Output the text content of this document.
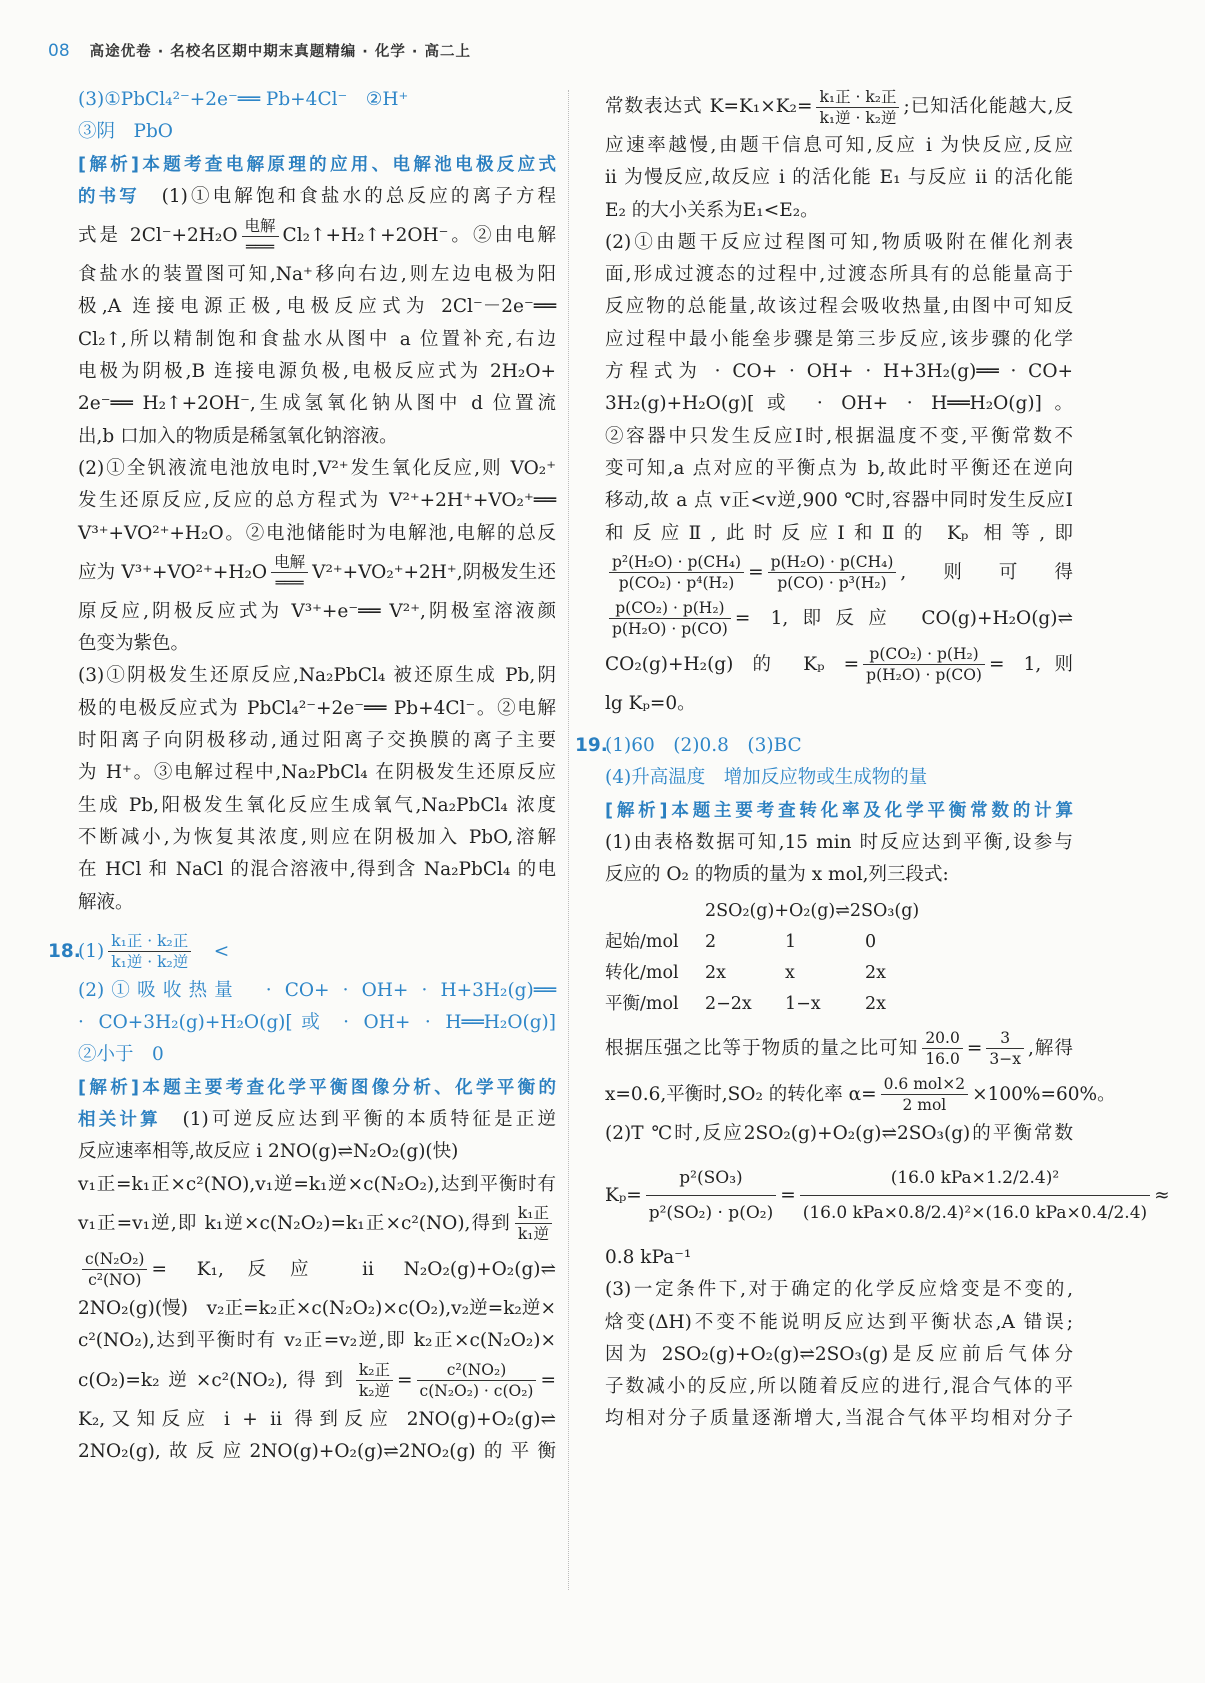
08 高途优卷 · 名校名区期中期末真题精编 · 化学 · 高二上
(3)①PbCl₄²⁻+2e⁻══ Pb+4Cl⁻　②H⁺
③阴　PbO
[解析]本题考查电解原理的应用、电解池电极反应式
的书写　(1)①电解饱和食盐水的总反应的离子方程
式是 $2Cl^-+2H_2O \frac{\text{电解}}{═══}$ Cl₂↑+H₂↑+2OH⁻。②由电解
食盐水的装置图可知,Na⁺移向右边,则左边电极为阳
极,A 连接电源正极,电极反应式为 2Cl⁻－2e⁻══
Cl₂↑,所以精制饱和食盐水从图中 a 位置补充,右边
电极为阴极,B 连接电源负极,电极反应式为 2H₂O+
2e⁻══ H₂↑+2OH⁻,生成氢氧化钠从图中 d 位置流
出,b 口加入的物质是稀氢氧化钠溶液。
(2)①全钒液流电池放电时,V²⁺发生氧化反应,则 VO₂⁺
发生还原反应,反应的总方程式为 V²⁺+2H⁺+VO₂⁺══
V³⁺+VO²⁺+H₂O。②电池储能时为电解池,电解的总反
应为 $V^{3+}+VO^{2+}+H_2O \frac{\text{电解}}{═══} V^{2+}+VO_2^++2H^+$,阴极发生还
原反应,阴极反应式为 V³⁺+e⁻══ V²⁺,阴极室溶液颜
色变为紫色。
(3)①阴极发生还原反应,Na₂PbCl₄ 被还原生成 Pb,阴
极的电极反应式为 PbCl₄²⁻+2e⁻══ Pb+4Cl⁻。②电解
时阳离子向阴极移动,通过阳离子交换膜的离子主要
为 H⁺。③电解过程中,Na₂PbCl₄ 在阴极发生还原反应
生成 Pb,阳极发生氧化反应生成氧气,Na₂PbCl₄ 浓度
不断减小,为恢复其浓度,则应在阴极加入 PbO,溶解
在 HCl 和 NaCl 的混合溶液中,得到含 Na₂PbCl₄ 的电
解液。
18.
$(1) \frac{\text{k₁正 · k₂正}}{\text{k₁逆 · k₂逆}}$ 　<
(2)①吸收热量　· CO+ · OH+ · H+3H₂(g)══
· CO+3H₂(g)+H₂O(g)[或 · OH+ · H══H₂O(g)]
②小于　0
[解析]本题主要考查化学平衡图像分析、化学平衡的
相关计算　(1)可逆反应达到平衡的本质特征是正逆
反应速率相等,故反应 i 2NO(g)⇌N₂O₂(g)(快)
v₁正=k₁正×c²(NO),v₁逆=k₁逆×c(N₂O₂),达到平衡时有
v₁正=v₁逆,即 k₁逆×c(N₂O₂)=k₁正×c²(NO),得到 $\frac{\text{k₁正}}{\text{k₁逆}}$
$\frac{\text{c(N₂O₂)}}{\text{c²(NO)}} = K_1$,反应 ii N₂O₂(g)+O₂(g)⇌
2NO₂(g)(慢)　v₂正=k₂正×c(N₂O₂)×c(O₂),v₂逆=k₂逆×
c²(NO₂),达到平衡时有 v₂正=v₂逆,即 k₂正×c(N₂O₂)×
c(O₂)=k₂逆×c²(NO₂),得到 $\frac{\text{k₂正}}{\text{k₂逆}} = \frac{\text{c²(NO₂)}}{\text{c(N₂O₂) · c(O₂)}}$ =
K₂,又知反应 i + ii 得到反应 2NO(g)+O₂(g)⇌
2NO₂(g),故反应2NO(g)+O₂(g)⇌2NO₂(g)的平衡
常数表达式 $K=K_1\times K_2= \frac{\text{k₁正 · k₂正}}{\text{k₁逆 · k₂逆}}$ ;已知活化能越大,反
应速率越慢,由题干信息可知,反应 i 为快反应,反应
ii 为慢反应,故反应 i 的活化能 E₁ 与反应 ii 的活化能
E₂ 的大小关系为E₁<E₂。
(2)①由题干反应过程图可知,物质吸附在催化剂表
面,形成过渡态的过程中,过渡态所具有的总能量高于
反应物的总能量,故该过程会吸收热量,由图中可知反
应过程中最小能垒步骤是第三步反应,该步骤的化学
方程式为 · CO+ · OH+ · H+3H₂(g)══ · CO+
3H₂(g)+H₂O(g)[或 · OH+ · H══H₂O(g)]。
②容器中只发生反应Ⅰ时,根据温度不变,平衡常数不
变可知,a 点对应的平衡点为 b,故此时平衡还在逆向
移动,故 a 点 v正<v逆,900 ℃时,容器中同时发生反应Ⅰ
和反应Ⅱ,此时反应Ⅰ和Ⅱ的 Kₚ 相等,即
$\frac{\text{p²(H₂O) · p(CH₄)}}{\text{p(CO₂) · p⁴(H₂)}} = \frac{\text{p(H₂O) · p(CH₄)}}{\text{p(CO) · p³(H₂)}}$ ,则可得
$\frac{\text{p(CO₂) · p(H₂)}}{\text{p(H₂O) · p(CO)}} = 1$,即反应 CO(g)+H₂O(g)⇌
CO₂(g)+H₂(g) 的 $K_p = \frac{\text{p(CO₂) · p(H₂)}}{\text{p(H₂O) · p(CO)}} = 1$,则
lg Kₚ=0。
19.
(1)60　(2)0.8　(3)BC
(4)升高温度　增加反应物或生成物的量
[解析]本题主要考查转化率及化学平衡常数的计算
(1)由表格数据可知,15 min 时反应达到平衡,设参与
反应的 O₂ 的物质的量为 x mol,列三段式:
2SO₂(g)+O₂(g)⇌2SO₃(g)
起始/mol	2	1	0
转化/mol	2x	x	2x
平衡/mol	2−2x	1−x	2x
根据压强之比等于物质的量之比可知 $\frac{20.0}{16.0} = \frac{3}{3-x}$ ,解得
x=0.6,平衡时,SO₂ 的转化率 $\alpha= \frac{\text{0.6 mol×2}}{\text{2 mol}} \times 100\%=60\%$。
(2)T ℃时,反应2SO₂(g)+O₂(g)⇌2SO₃(g)的平衡常数
$K_p= \frac{\text{p²(SO₃)}}{\text{p²(SO₂) · p(O₂)}} = \frac{\text{(16.0 kPa×1.2/2.4)²}}{\text{(16.0 kPa×0.8/2.4)²×(16.0 kPa×0.4/2.4)}}$ ≈
0.8 kPa⁻¹
(3)一定条件下,对于确定的化学反应焓变是不变的,
焓变(ΔH)不变不能说明反应达到平衡状态,A 错误;
因为 2SO₂(g)+O₂(g)⇌2SO₃(g)是反应前后气体分
子数减小的反应,所以随着反应的进行,混合气体的平
均相对分子质量逐渐增大,当混合气体平均相对分子
